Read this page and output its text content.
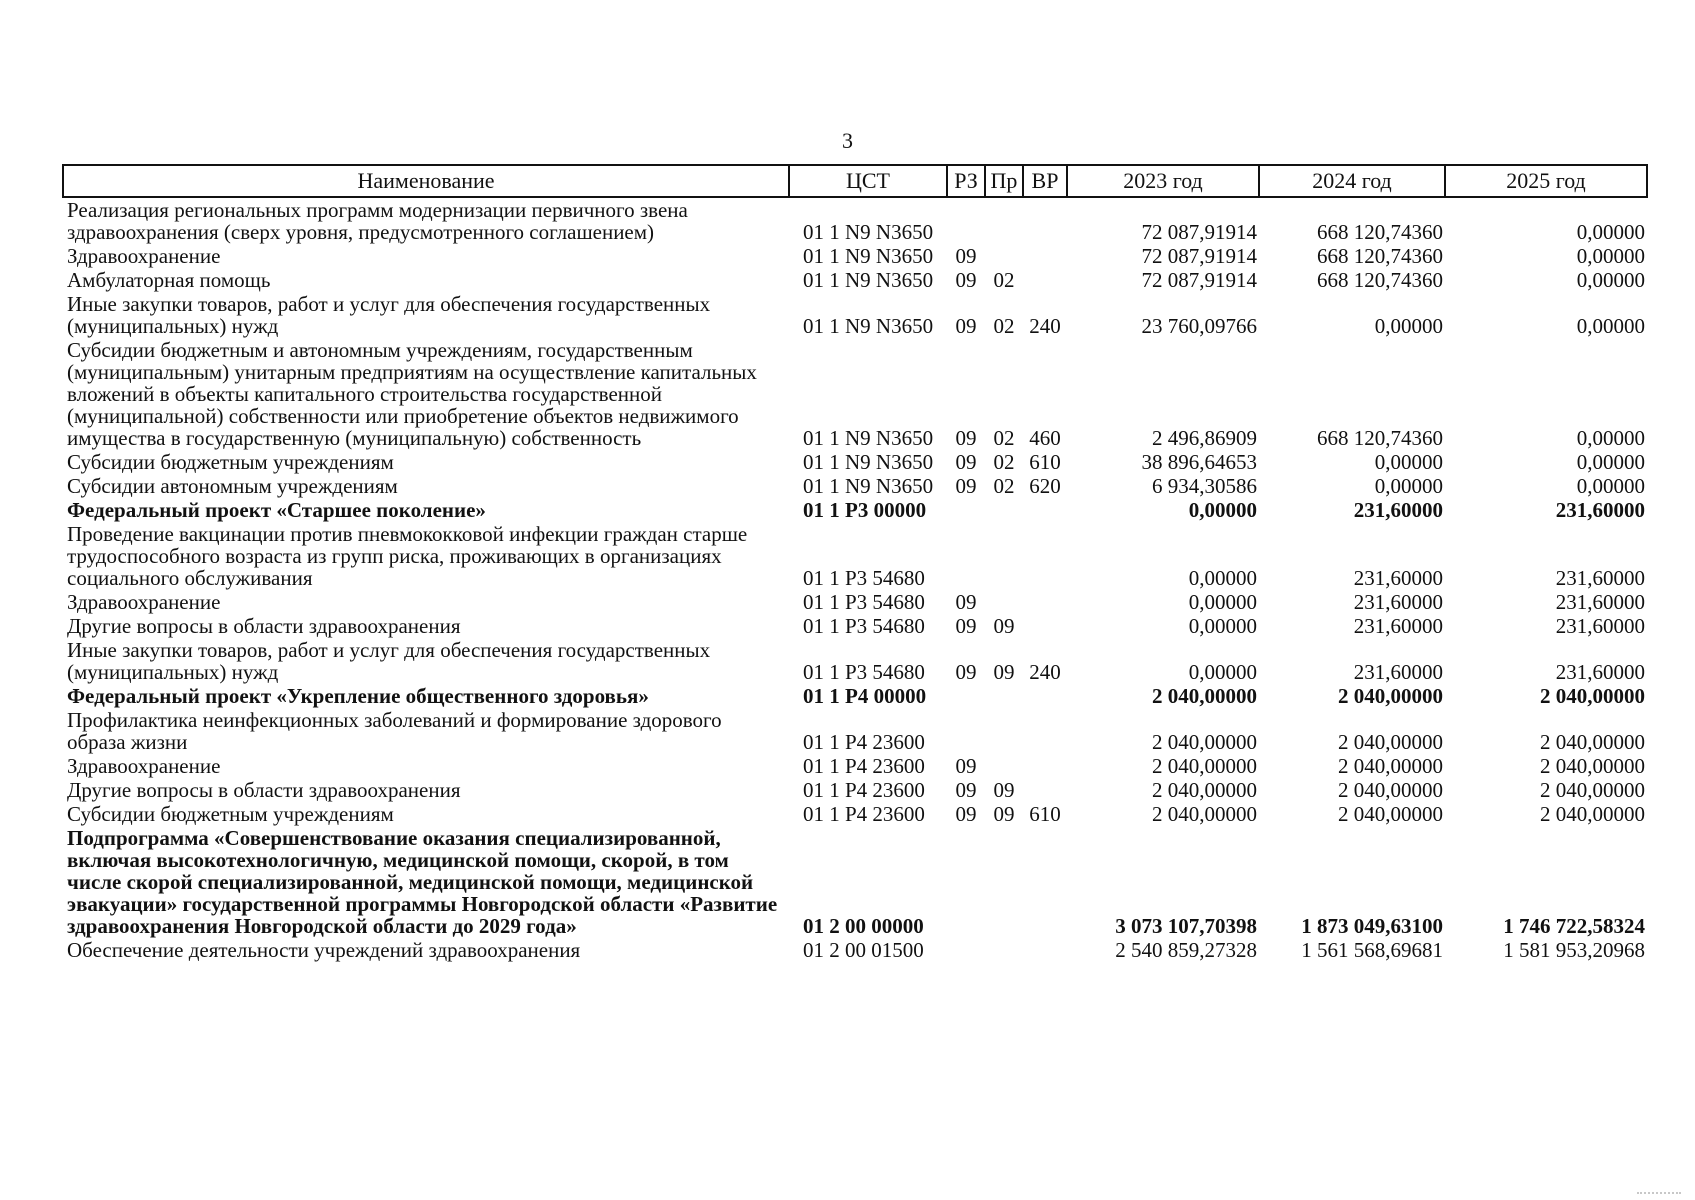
3
Наименование	ЦСТ	РЗ	Пр	ВР	2023 год	2024 год	2025 год
Реализация региональных программ модернизации первичного звена здравоохранения (сверх уровня, предусмотренного соглашением)	01 1 N9 N3650				72 087,91914	668 120,74360	0,00000
Здравоохранение	01 1 N9 N3650	09			72 087,91914	668 120,74360	0,00000
Амбулаторная помощь	01 1 N9 N3650	09	02		72 087,91914	668 120,74360	0,00000
Иные закупки товаров, работ и услуг для обеспечения государственных (муниципальных) нужд	01 1 N9 N3650	09	02	240	23 760,09766	0,00000	0,00000
Субсидии бюджетным и автономным учреждениям, государственным (муниципальным) унитарным предприятиям на осуществление капитальных вложений в объекты капитального строительства государственной (муниципальной) собственности или приобретение объектов недвижимого имущества в государственную (муниципальную) собственность	01 1 N9 N3650	09	02	460	2 496,86909	668 120,74360	0,00000
Субсидии бюджетным учреждениям	01 1 N9 N3650	09	02	610	38 896,64653	0,00000	0,00000
Субсидии автономным учреждениям	01 1 N9 N3650	09	02	620	6 934,30586	0,00000	0,00000
Федеральный проект «Старшее поколение»	01 1 P3 00000				0,00000	231,60000	231,60000
Проведение вакцинации против пневмококковой инфекции граждан старше трудоспособного возраста из групп риска, проживающих в организациях социального обслуживания	01 1 P3 54680				0,00000	231,60000	231,60000
Здравоохранение	01 1 P3 54680	09			0,00000	231,60000	231,60000
Другие вопросы в области здравоохранения	01 1 P3 54680	09	09		0,00000	231,60000	231,60000
Иные закупки товаров, работ и услуг для обеспечения государственных (муниципальных) нужд	01 1 P3 54680	09	09	240	0,00000	231,60000	231,60000
Федеральный проект «Укрепление общественного здоровья»	01 1 P4 00000				2 040,00000	2 040,00000	2 040,00000
Профилактика неинфекционных заболеваний и формирование здорового образа жизни	01 1 P4 23600				2 040,00000	2 040,00000	2 040,00000
Здравоохранение	01 1 P4 23600	09			2 040,00000	2 040,00000	2 040,00000
Другие вопросы в области здравоохранения	01 1 P4 23600	09	09		2 040,00000	2 040,00000	2 040,00000
Субсидии бюджетным учреждениям	01 1 P4 23600	09	09	610	2 040,00000	2 040,00000	2 040,00000
Подпрограмма «Совершенствование оказания специализированной, включая высокотехнологичную, медицинской помощи, скорой, в том числе скорой специализированной, медицинской помощи, медицинской эвакуации» государственной программы Новгородской области «Развитие здравоохранения Новгородской области до 2029 года»	01 2 00 00000				3 073 107,70398	1 873 049,63100	1 746 722,58324
Обеспечение деятельности учреждений здравоохранения	01 2 00 01500				2 540 859,27328	1 561 568,69681	1 581 953,20968
